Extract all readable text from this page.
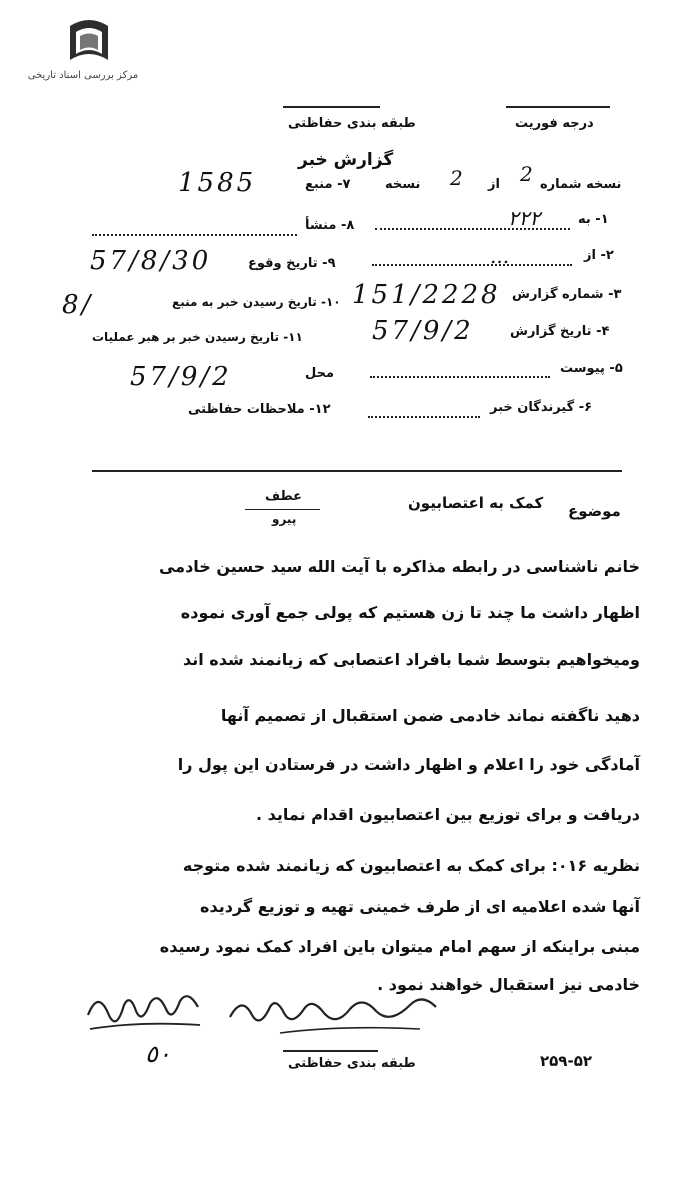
مرکز بررسی اسناد تاریخی
درجه فوریت
طبقه بندی حفاظتی
گزارش خبر
نسخه شماره
2
از
2
نسخه
۱- به
۲۲۲
۲- از
...
۳- شماره گزارش
151/2228
۴- تاریخ گزارش
57/9/2
۵- پیوست
۶- گیرندگان خبر
۷- منبع
1585
۸- منشأ
۹- تاریخ وقوع
57/8/30
۱۰- تاریخ رسیدن خبر به منبع
8/
۱۱- تاریخ رسیدن خبر بر هبر عملیات
محل
57/9/2
۱۲- ملاحظات حفاظتی
موضوع
کمک به اعتصابیون
عطف
پیرو
خانم ناشناسی در رابطه مذاکره با آیت الله سید حسین خادمی
اظهار داشت ما چند تا زن هستیم که پولی جمع آوری نموده
ومیخواهیم بتوسط شما بافراد اعتصابی که زیانمند شده اند
دهید ناگفته نماند خادمی ضمن استقبال از تصمیم آنها
آمادگی خود را اعلام و اظهار داشت در فرستادن این پول را
دریافت و برای توزیع بین اعتصابیون اقدام نماید .
نظریه ۰۱۶: برای کمک به اعتصابیون که زیانمند شده متوجه
آنها شده اعلامیه ای از طرف خمینی تهیه و توزیع گردیده
مبنی براینکه از سهم امام میتوان باین افراد کمک نمود رسیده
خادمی نیز استقبال خواهند نمود .
٥٠	طبقه بندی حفاظتی	۲۵۹-۵۲
